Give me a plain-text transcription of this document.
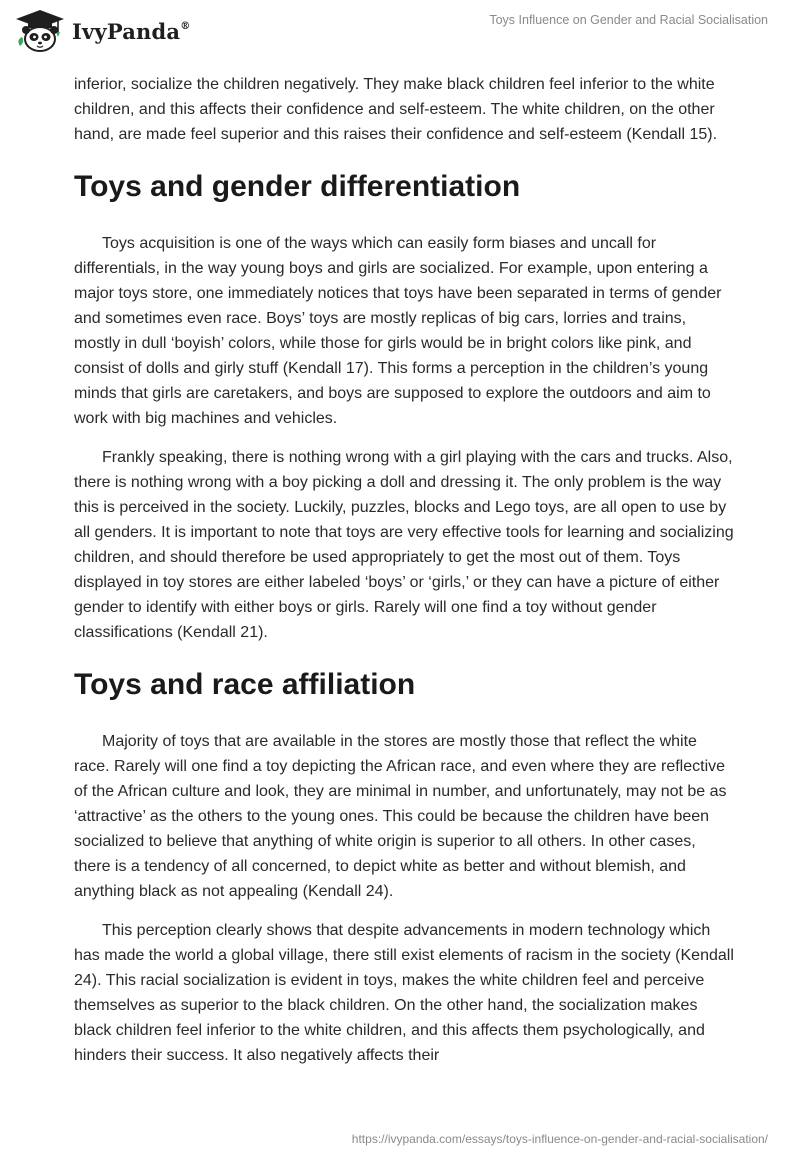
IvyPanda®	Toys Influence on Gender and Racial Socialisation

inferior, socialize the children negatively. They make black children feel inferior to the white children, and this affects their confidence and self-esteem. The white children, on the other hand, are made feel superior and this raises their confidence and self-esteem (Kendall 15).

Toys and gender differentiation

Toys acquisition is one of the ways which can easily form biases and uncall for differentials, in the way young boys and girls are socialized. For example, upon entering a major toys store, one immediately notices that toys have been separated in terms of gender and sometimes even race. Boys’ toys are mostly replicas of big cars, lorries and trains, mostly in dull ‘boyish’ colors, while those for girls would be in bright colors like pink, and consist of dolls and girly stuff (Kendall 17). This forms a perception in the children’s young minds that girls are caretakers, and boys are supposed to explore the outdoors and aim to work with big machines and vehicles.

Frankly speaking, there is nothing wrong with a girl playing with the cars and trucks. Also, there is nothing wrong with a boy picking a doll and dressing it. The only problem is the way this is perceived in the society. Luckily, puzzles, blocks and Lego toys, are all open to use by all genders. It is important to note that toys are very effective tools for learning and socializing children, and should therefore be used appropriately to get the most out of them. Toys displayed in toy stores are either labeled ‘boys’ or ‘girls,’ or they can have a picture of either gender to identify with either boys or girls. Rarely will one find a toy without gender classifications (Kendall 21).

Toys and race affiliation

Majority of toys that are available in the stores are mostly those that reflect the white race. Rarely will one find a toy depicting the African race, and even where they are reflective of the African culture and look, they are minimal in number, and unfortunately, may not be as ‘attractive’ as the others to the young ones. This could be because the children have been socialized to believe that anything of white origin is superior to all others. In other cases, there is a tendency of all concerned, to depict white as better and without blemish, and anything black as not appealing (Kendall 24).

This perception clearly shows that despite advancements in modern technology which has made the world a global village, there still exist elements of racism in the society (Kendall 24). This racial socialization is evident in toys, makes the white children feel and perceive themselves as superior to the black children. On the other hand, the socialization makes black children feel inferior to the white children, and this affects them psychologically, and hinders their success. It also negatively affects their

https://ivypanda.com/essays/toys-influence-on-gender-and-racial-socialisation/
